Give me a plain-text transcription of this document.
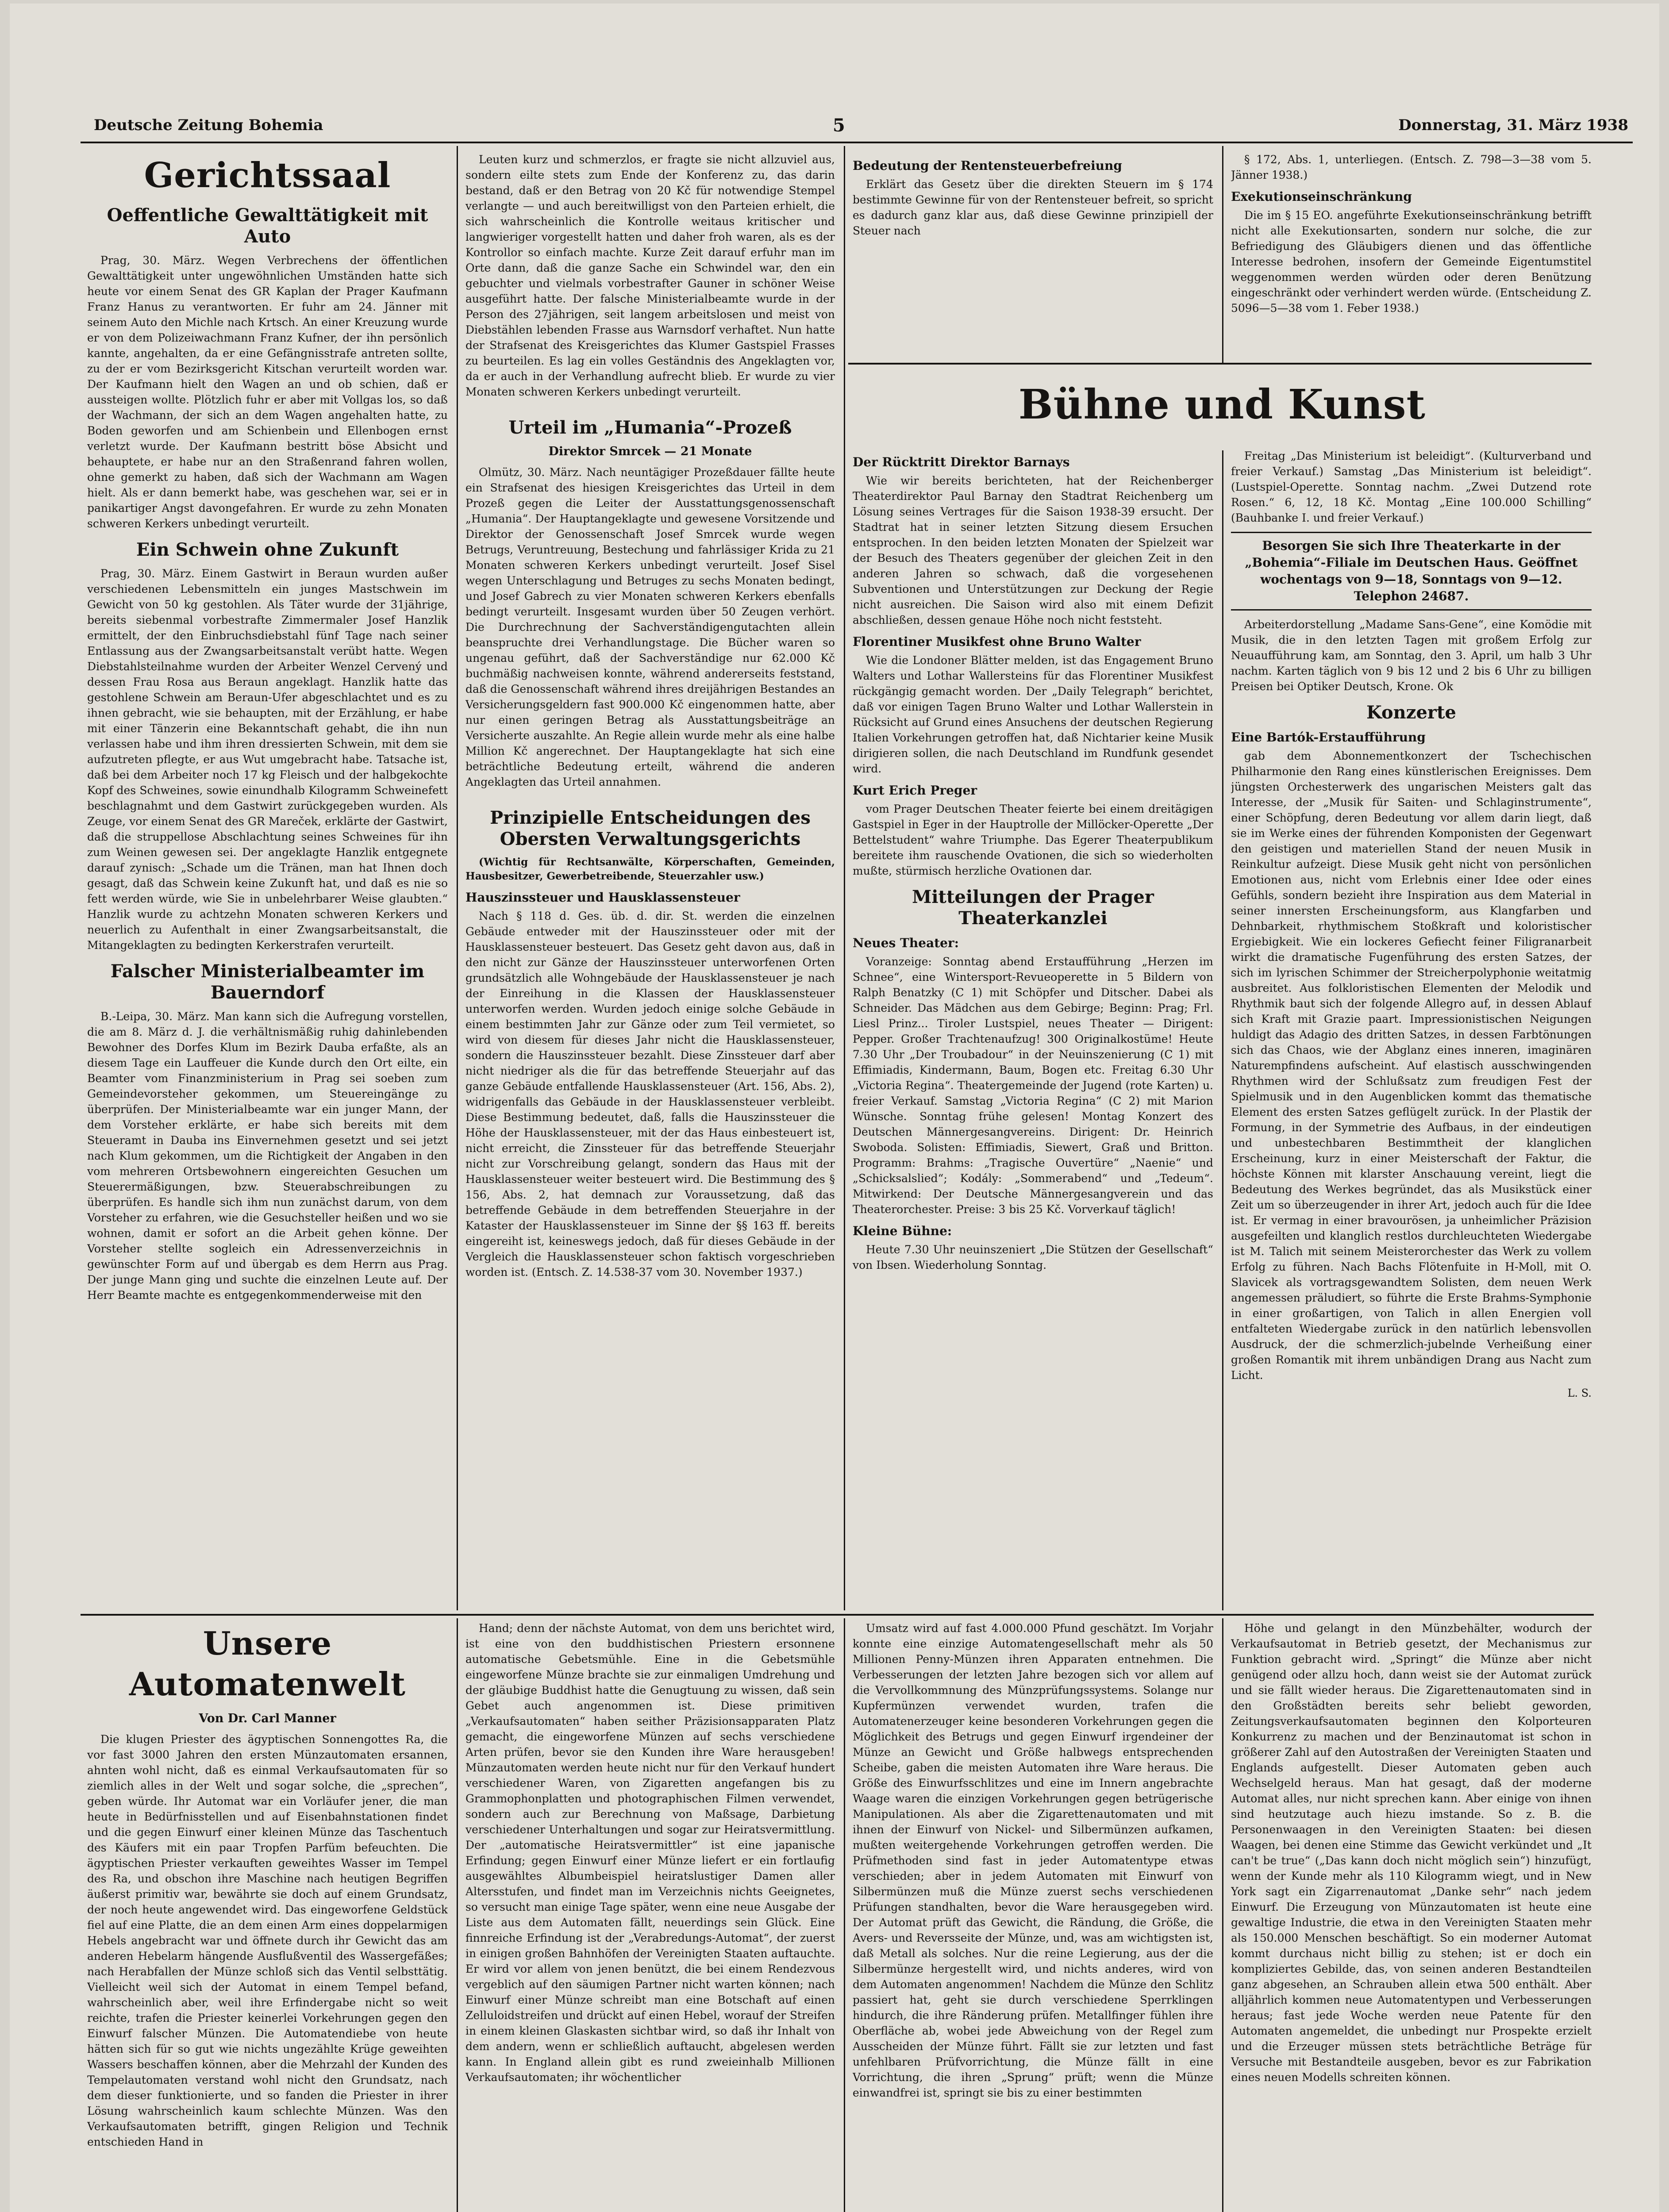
Deutsche Zeitung Bohemia	5	Donnerstag, 31. März 1938
Gerichtssaal
Oeffentliche Gewalttätigkeit mit Auto

Prag, 30. März. Wegen Verbrechens der öffentlichen Gewalttätigkeit unter ungewöhnlichen Umständen hatte sich heute vor einem Senat des GR Kaplan der Prager Kaufmann Franz Hanus zu verantworten. Er fuhr am 24. Jänner mit seinem Auto den Michle nach Krtsch. An einer Kreuzung wurde er von dem Polizeiwachmann Franz Kufner, der ihn persönlich kannte, angehalten, da er eine Gefängnisstrafe antreten sollte, zu der er vom Bezirksgericht Kitschan verurteilt worden war. Der Kaufmann hielt den Wagen an und ob schien, daß er aussteigen wollte. Plötzlich fuhr er aber mit Vollgas los, so daß der Wachmann, der sich an dem Wagen angehalten hatte, zu Boden geworfen und am Schienbein und Ellenbogen ernst verletzt wurde. Der Kaufmann bestritt böse Absicht und behauptete, er habe nur an den Straßenrand fahren wollen, ohne gemerkt zu haben, daß sich der Wachmann am Wagen hielt. Als er dann bemerkt habe, was geschehen war, sei er in panikartiger Angst davongefahren. Er wurde zu zehn Monaten schweren Kerkers unbedingt verurteilt.

Ein Schwein ohne Zukunft

Prag, 30. März. Einem Gastwirt in Beraun wurden außer verschiedenen Lebensmitteln ein junges Mastschwein im Gewicht von 50 kg gestohlen. Als Täter wurde der 31jährige, bereits siebenmal vorbestrafte Zimmermaler Josef Hanzlik ermittelt, der den Einbruchsdiebstahl fünf Tage nach seiner Entlassung aus der Zwangsarbeitsanstalt verübt hatte. Wegen Diebstahlsteilnahme wurden der Arbeiter Wenzel Cervený und dessen Frau Rosa aus Beraun angeklagt. Hanzlik hatte das gestohlene Schwein am Beraun-Ufer abgeschlachtet und es zu ihnen gebracht, wie sie behaupten, mit der Erzählung, er habe mit einer Tänzerin eine Bekanntschaft gehabt, die ihn nun verlassen habe und ihm ihren dressierten Schwein, mit dem sie aufzutreten pflegte, er aus Wut umgebracht habe. Tatsache ist, daß bei dem Arbeiter noch 17 kg Fleisch und der halbgekochte Kopf des Schweines, sowie einundhalb Kilogramm Schweinefett beschlagnahmt und dem Gastwirt zurückgegeben wurden. Als Zeuge, vor einem Senat des GR Mareček, erklärte der Gastwirt, daß die struppellose Abschlachtung seines Schweines für ihn zum Weinen gewesen sei. Der angeklagte Hanzlik entgegnete darauf zynisch: „Schade um die Tränen, man hat Ihnen doch gesagt, daß das Schwein keine Zukunft hat, und daß es nie so fett werden würde, wie Sie in unbelehrbarer Weise glaubten.“ Hanzlik wurde zu achtzehn Monaten schweren Kerkers und neuerlich zu Aufenthalt in einer Zwangsarbeitsanstalt, die Mitangeklagten zu bedingten Kerkerstrafen verurteilt.

Falscher Ministerialbeamter im Bauerndorf

B.-Leipa, 30. März. Man kann sich die Aufregung vorstellen, die am 8. März d. J. die verhältnismäßig ruhig dahinlebenden Bewohner des Dorfes Klum im Bezirk Dauba erfaßte, als an diesem Tage ein Lauffeuer die Kunde durch den Ort eilte, ein Beamter vom Finanzministerium in Prag sei soeben zum Gemeindevorsteher gekommen, um Steuereingänge zu überprüfen. Der Ministerialbeamte war ein junger Mann, der dem Vorsteher erklärte, er habe sich bereits mit dem Steueramt in Dauba ins Einvernehmen gesetzt und sei jetzt nach Klum gekommen, um die Richtigkeit der Angaben in den vom mehreren Ortsbewohnern eingereichten Gesuchen um Steuerermäßigungen, bzw. Steuerabschreibungen zu überprüfen. Es handle sich ihm nun zunächst darum, von dem Vorsteher zu erfahren, wie die Gesuchsteller heißen und wo sie wohnen, damit er sofort an die Arbeit gehen könne. Der Vorsteher stellte sogleich ein Adressenverzeichnis in gewünschter Form auf und übergab es dem Herrn aus Prag. Der junge Mann ging und suchte die einzelnen Leute auf. Der Herr Beamte machte es entgegenkommenderweise mit den

Leuten kurz und schmerzlos, er fragte sie nicht allzuviel aus, sondern eilte stets zum Ende der Konferenz zu, das darin bestand, daß er den Betrag von 20 Kč für notwendige Stempel verlangte — und auch bereitwilligst von den Parteien erhielt, die sich wahrscheinlich die Kontrolle weitaus kritischer und langwieriger vorgestellt hatten und daher froh waren, als es der Kontrollor so einfach machte. Kurze Zeit darauf erfuhr man im Orte dann, daß die ganze Sache ein Schwindel war, den ein gebuchter und vielmals vorbestrafter Gauner in schöner Weise ausgeführt hatte. Der falsche Ministerialbeamte wurde in der Person des 27jährigen, seit langem arbeitslosen und meist von Diebstählen lebenden Frasse aus Warnsdorf verhaftet. Nun hatte der Strafsenat des Kreisgerichtes das Klumer Gastspiel Frasses zu beurteilen. Es lag ein volles Geständnis des Angeklagten vor, da er auch in der Verhandlung aufrecht blieb. Er wurde zu vier Monaten schweren Kerkers unbedingt verurteilt.

Urteil im „Humania“-Prozeß
Direktor Smrcek — 21 Monate

Olmütz, 30. März. Nach neuntägiger Prozeßdauer fällte heute ein Strafsenat des hiesigen Kreisgerichtes das Urteil in dem Prozeß gegen die Leiter der Ausstattungsgenossenschaft „Humania“. Der Hauptangeklagte und gewesene Vorsitzende und Direktor der Genossenschaft Josef Smrcek wurde wegen Betrugs, Veruntreuung, Bestechung und fahrlässiger Krida zu 21 Monaten schweren Kerkers unbedingt verurteilt. Josef Sisel wegen Unterschlagung und Betruges zu sechs Monaten bedingt, und Josef Gabrech zu vier Monaten schweren Kerkers ebenfalls bedingt verurteilt. Insgesamt wurden über 50 Zeugen verhört. Die Durchrechnung der Sachverständigengutachten allein beanspruchte drei Verhandlungstage. Die Bücher waren so ungenau geführt, daß der Sachverständige nur 62.000 Kč buchmäßig nachweisen konnte, während andererseits feststand, daß die Genossenschaft während ihres dreijährigen Bestandes an Versicherungsgeldern fast 900.000 Kč eingenommen hatte, aber nur einen geringen Betrag als Ausstattungsbeiträge an Versicherte auszahlte. An Regie allein wurde mehr als eine halbe Million Kč angerechnet. Der Hauptangeklagte hat sich eine beträchtliche Bedeutung erteilt, während die anderen Angeklagten das Urteil annahmen.

Prinzipielle Entscheidungen des Obersten Verwaltungsgerichts

(Wichtig für Rechtsanwälte, Körperschaften, Gemeinden, Hausbesitzer, Gewerbetreibende, Steuerzahler usw.)

Hauszinssteuer und Hausklassensteuer

Nach § 118 d. Ges. üb. d. dir. St. werden die einzelnen Gebäude entweder mit der Hauszinssteuer oder mit der Hausklassensteuer besteuert. Das Gesetz geht davon aus, daß in den nicht zur Gänze der Hauszinssteuer unterworfenen Orten grundsätzlich alle Wohngebäude der Hausklassensteuer je nach der Einreihung in die Klassen der Hausklassensteuer unterworfen werden. Wurden jedoch einige solche Gebäude in einem bestimmten Jahr zur Gänze oder zum Teil vermietet, so wird von diesem für dieses Jahr nicht die Hausklassensteuer, sondern die Hauszinssteuer bezahlt. Diese Zinssteuer darf aber nicht niedriger als die für das betreffende Steuerjahr auf das ganze Gebäude entfallende Hausklassensteuer (Art. 156, Abs. 2), widrigenfalls das Gebäude in der Hausklassensteuer verbleibt. Diese Bestimmung bedeutet, daß, falls die Hauszinssteuer die Höhe der Hausklassensteuer, mit der das Haus einbesteuert ist, nicht erreicht, die Zinssteuer für das betreffende Steuerjahr nicht zur Vorschreibung gelangt, sondern das Haus mit der Hausklassensteuer weiter besteuert wird. Die Bestimmung des § 156, Abs. 2, hat demnach zur Voraussetzung, daß das betreffende Gebäude in dem betreffenden Steuerjahre in der Kataster der Hausklassensteuer im Sinne der §§ 163 ff. bereits eingereiht ist, keineswegs jedoch, daß für dieses Gebäude in der Vergleich die Hausklassensteuer schon faktisch vorgeschrieben worden ist. (Entsch. Z. 14.538-37 vom 30. November 1937.)

Bedeutung der Rentensteuerbefreiung

Erklärt das Gesetz über die direkten Steuern im § 174 bestimmte Gewinne für von der Rentensteuer befreit, so spricht es dadurch ganz klar aus, daß diese Gewinne prinzipiell der Steuer nach

§ 172, Abs. 1, unterliegen. (Entsch. Z. 798—3—38 vom 5. Jänner 1938.)

Exekutionseinschränkung

Die im § 15 EO. angeführte Exekutionseinschränkung betrifft nicht alle Exekutionsarten, sondern nur solche, die zur Befriedigung des Gläubigers dienen und das öffentliche Interesse bedrohen, insofern der Gemeinde Eigentumstitel weggenommen werden würden oder deren Benützung eingeschränkt oder verhindert werden würde. (Entscheidung Z. 5096—5—38 vom 1. Feber 1938.)

Bühne und Kunst
Der Rücktritt Direktor Barnays

Wie wir bereits berichteten, hat der Reichenberger Theaterdirektor Paul Barnay den Stadtrat Reichenberg um Lösung seines Vertrages für die Saison 1938-39 ersucht. Der Stadtrat hat in seiner letzten Sitzung diesem Ersuchen entsprochen. In den beiden letzten Monaten der Spielzeit war der Besuch des Theaters gegenüber der gleichen Zeit in den anderen Jahren so schwach, daß die vorgesehenen Subventionen und Unterstützungen zur Deckung der Regie nicht ausreichen. Die Saison wird also mit einem Defizit abschließen, dessen genaue Höhe noch nicht feststeht.

Florentiner Musikfest ohne Bruno Walter

Wie die Londoner Blätter melden, ist das Engagement Bruno Walters und Lothar Wallersteins für das Florentiner Musikfest rückgängig gemacht worden. Der „Daily Telegraph“ berichtet, daß vor einigen Tagen Bruno Walter und Lothar Wallerstein in Rücksicht auf Grund eines Ansuchens der deutschen Regierung Italien Vorkehrungen getroffen hat, daß Nichtarier keine Musik dirigieren sollen, die nach Deutschland im Rundfunk gesendet wird.

Kurt Erich Preger

vom Prager Deutschen Theater feierte bei einem dreitägigen Gastspiel in Eger in der Hauptrolle der Millöcker-Operette „Der Bettelstudent“ wahre Triumphe. Das Egerer Theaterpublikum bereitete ihm rauschende Ovationen, die sich so wiederholten mußte, stürmisch herzliche Ovationen dar.

Mitteilungen der Prager Theaterkanzlei
Neues Theater:

Voranzeige: Sonntag abend Erstaufführung „Herzen im Schnee“, eine Wintersport-Revueoperette in 5 Bildern von Ralph Benatzky (C 1) mit Schöpfer und Ditscher. Dabei als Schneider. Das Mädchen aus dem Gebirge; Beginn: Prag; Frl. Liesl Prinz... Tiroler Lustspiel, neues Theater — Dirigent: Pepper. Großer Trachtenaufzug! 300 Originalkostüme! Heute 7.30 Uhr „Der Troubadour“ in der Neuinszenierung (C 1) mit Effimiadis, Kindermann, Baum, Bogen etc. Freitag 6.30 Uhr „Victoria Regina“. Theatergemeinde der Jugend (rote Karten) u. freier Verkauf. Samstag „Victoria Regina“ (C 2) mit Marion Wünsche. Sonntag frühe gelesen! Montag Konzert des Deutschen Männergesangvereins. Dirigent: Dr. Heinrich Swoboda. Solisten: Effimiadis, Siewert, Graß und Britton. Programm: Brahms: „Tragische Ouvertüre“ „Naenie“ und „Schicksalslied“; Kodály: „Sommerabend“ und „Tedeum“. Mitwirkend: Der Deutsche Männergesangverein und das Theaterorchester. Preise: 3 bis 25 Kč. Vorverkauf täglich!

Kleine Bühne:

Heute 7.30 Uhr neuinszeniert „Die Stützen der Gesellschaft“ von Ibsen. Wiederholung Sonntag.

Freitag „Das Ministerium ist beleidigt“. (Kulturverband und freier Verkauf.) Samstag „Das Ministerium ist beleidigt“. (Lustspiel-Operette. Sonntag nachm. „Zwei Dutzend rote Rosen.“ 6, 12, 18 Kč. Montag „Eine 100.000 Schilling“ (Bauhbanke I. und freier Verkauf.)

Besorgen Sie sich Ihre Theaterkarte in der „Bohemia“-Filiale im Deutschen Haus. Geöffnet wochentags von 9—18, Sonntags von 9—12. Telephon 24687.

Arbeiterdorstellung „Madame Sans-Gene“, eine Komödie mit Musik, die in den letzten Tagen mit großem Erfolg zur Neuaufführung kam, am Sonntag, den 3. April, um halb 3 Uhr nachm. Karten täglich von 9 bis 12 und 2 bis 6 Uhr zu billigen Preisen bei Optiker Deutsch, Krone. Ok

Konzerte
Eine Bartók-Erstaufführung

gab dem Abonnementkonzert der Tschechischen Philharmonie den Rang eines künstlerischen Ereignisses. Dem jüngsten Orchesterwerk des ungarischen Meisters galt das Interesse, der „Musik für Saiten- und Schlaginstrumente“, einer Schöpfung, deren Bedeutung vor allem darin liegt, daß sie im Werke eines der führenden Komponisten der Gegenwart den geistigen und materiellen Stand der neuen Musik in Reinkultur aufzeigt. Diese Musik geht nicht von persönlichen Emotionen aus, nicht vom Erlebnis einer Idee oder eines Gefühls, sondern bezieht ihre Inspiration aus dem Material in seiner innersten Erscheinungsform, aus Klangfarben und Dehnbarkeit, rhythmischem Stoßkraft und koloristischer Ergiebigkeit. Wie ein lockeres Gefiecht feiner Filigranarbeit wirkt die dramatische Fugenführung des ersten Satzes, der sich im lyrischen Schimmer der Streicherpolyphonie weitatmig ausbreitet. Aus folkloristischen Elementen der Melodik und Rhythmik baut sich der folgende Allegro auf, in dessen Ablauf sich Kraft mit Grazie paart. Impressionistischen Neigungen huldigt das Adagio des dritten Satzes, in dessen Farbtönungen sich das Chaos, wie der Abglanz eines inneren, imaginären Naturempfindens aufscheint. Auf elastisch ausschwingenden Rhythmen wird der Schlußsatz zum freudigen Fest der Spielmusik und in den Augenblicken kommt das thematische Element des ersten Satzes geflügelt zurück. In der Plastik der Formung, in der Symmetrie des Aufbaus, in der eindeutigen und unbestechbaren Bestimmtheit der klanglichen Erscheinung, kurz in einer Meisterschaft der Faktur, die höchste Können mit klarster Anschauung vereint, liegt die Bedeutung des Werkes begründet, das als Musikstück einer Zeit um so überzeugender in ihrer Art, jedoch auch für die Idee ist. Er vermag in einer bravourösen, ja unheimlicher Präzision ausgefeilten und klanglich restlos durchleuchteten Wiedergabe ist M. Talich mit seinem Meisterorchester das Werk zu vollem Erfolg zu führen. Nach Bachs Flötenfuite in H-Moll, mit O. Slavicek als vortragsgewandtem Solisten, dem neuen Werk angemessen präludiert, so führte die Erste Brahms-Symphonie in einer großartigen, von Talich in allen Energien voll entfalteten Wiedergabe zurück in den natürlich lebensvollen Ausdruck, der die schmerzlich-jubelnde Verheißung einer großen Romantik mit ihrem unbändigen Drang aus Nacht zum Licht.

L. S.
Unsere Automatenwelt
Von Dr. Carl Manner

Die klugen Priester des ägyptischen Sonnengottes Ra, die vor fast 3000 Jahren den ersten Münzautomaten ersannen, ahnten wohl nicht, daß es einmal Verkaufsautomaten für so ziemlich alles in der Welt und sogar solche, die „sprechen“, geben würde. Ihr Automat war ein Vorläufer jener, die man heute in Bedürfnisstellen und auf Eisenbahnstationen findet und die gegen Einwurf einer kleinen Münze das Taschentuch des Käufers mit ein paar Tropfen Parfüm befeuchten. Die ägyptischen Priester verkauften geweihtes Wasser im Tempel des Ra, und obschon ihre Maschine nach heutigen Begriffen äußerst primitiv war, bewährte sie doch auf einem Grundsatz, der noch heute angewendet wird. Das eingeworfene Geldstück fiel auf eine Platte, die an dem einen Arm eines doppelarmigen Hebels angebracht war und öffnete durch ihr Gewicht das am anderen Hebelarm hängende Ausflußventil des Wassergefäßes; nach Herabfallen der Münze schloß sich das Ventil selbsttätig. Vielleicht weil sich der Automat in einem Tempel befand, wahrscheinlich aber, weil ihre Erfindergabe nicht so weit reichte, trafen die Priester keinerlei Vorkehrungen gegen den Einwurf falscher Münzen. Die Automatendiebe von heute hätten sich für so gut wie nichts ungezählte Krüge geweihten Wassers beschaffen können, aber die Mehrzahl der Kunden des Tempelautomaten verstand wohl nicht den Grundsatz, nach dem dieser funktionierte, und so fanden die Priester in ihrer Lösung wahrscheinlich kaum schlechte Münzen. Was den Verkaufsautomaten betrifft, gingen Religion und Technik entschieden Hand in

Hand; denn der nächste Automat, von dem uns berichtet wird, ist eine von den buddhistischen Priestern ersonnene automatische Gebetsmühle. Eine in die Gebetsmühle eingeworfene Münze brachte sie zur einmaligen Umdrehung und der gläubige Buddhist hatte die Genugtuung zu wissen, daß sein Gebet auch angenommen ist. Diese primitiven „Verkaufsautomaten“ haben seither Präzisionsapparaten Platz gemacht, die eingeworfene Münzen auf sechs verschiedene Arten prüfen, bevor sie den Kunden ihre Ware herausgeben! Münzautomaten werden heute nicht nur für den Verkauf hundert verschiedener Waren, von Zigaretten angefangen bis zu Grammophonplatten und photographischen Filmen verwendet, sondern auch zur Berechnung von Maßsage, Darbietung verschiedener Unterhaltungen und sogar zur Heiratsvermittlung. Der „automatische Heiratsvermittler“ ist eine japanische Erfindung; gegen Einwurf einer Münze liefert er ein fortlaufig ausgewähltes Albumbeispiel heiratslustiger Damen aller Altersstufen, und findet man im Verzeichnis nichts Geeignetes, so versucht man einige Tage später, wenn eine neue Ausgabe der Liste aus dem Automaten fällt, neuerdings sein Glück. Eine finnreiche Erfindung ist der „Verabredungs-Automat“, der zuerst in einigen großen Bahnhöfen der Vereinigten Staaten auftauchte. Er wird vor allem von jenen benützt, die bei einem Rendezvous vergeblich auf den säumigen Partner nicht warten können; nach Einwurf einer Münze schreibt man eine Botschaft auf einen Zelluloidstreifen und drückt auf einen Hebel, worauf der Streifen in einem kleinen Glaskasten sichtbar wird, so daß ihr Inhalt von dem andern, wenn er schließlich auftaucht, abgelesen werden kann. In England allein gibt es rund zweieinhalb Millionen Verkaufsautomaten; ihr wöchentlicher

Umsatz wird auf fast 4.000.000 Pfund geschätzt. Im Vorjahr konnte eine einzige Automatengesellschaft mehr als 50 Millionen Penny-Münzen ihren Apparaten entnehmen. Die Verbesserungen der letzten Jahre bezogen sich vor allem auf die Vervollkommnung des Münzprüfungssystems. Solange nur Kupfermünzen verwendet wurden, trafen die Automatenerzeuger keine besonderen Vorkehrungen gegen die Möglichkeit des Betrugs und gegen Einwurf irgendeiner der Münze an Gewicht und Größe halbwegs entsprechenden Scheibe, gaben die meisten Automaten ihre Ware heraus. Die Größe des Einwurfsschlitzes und eine im Innern angebrachte Waage waren die einzigen Vorkehrungen gegen betrügerische Manipulationen. Als aber die Zigarettenautomaten und mit ihnen der Einwurf von Nickel- und Silbermünzen aufkamen, mußten weitergehende Vorkehrungen getroffen werden. Die Prüfmethoden sind fast in jeder Automatentype etwas verschieden; aber in jedem Automaten mit Einwurf von Silbermünzen muß die Münze zuerst sechs verschiedenen Prüfungen standhalten, bevor die Ware herausgegeben wird. Der Automat prüft das Gewicht, die Rändung, die Größe, die Avers- und Reversseite der Münze, und, was am wichtigsten ist, daß Metall als solches. Nur die reine Legierung, aus der die Silbermünze hergestellt wird, und nichts anderes, wird von dem Automaten angenommen! Nachdem die Münze den Schlitz passiert hat, geht sie durch verschiedene Sperrklingen hindurch, die ihre Ränderung prüfen. Metallfinger fühlen ihre Oberfläche ab, wobei jede Abweichung von der Regel zum Ausscheiden der Münze führt. Fällt sie zur letzten und fast unfehlbaren Prüfvorrichtung, die Münze fällt in eine Vorrichtung, die ihren „Sprung“ prüft; wenn die Münze einwandfrei ist, springt sie bis zu einer bestimmten

Höhe und gelangt in den Münzbehälter, wodurch der Verkaufsautomat in Betrieb gesetzt, der Mechanismus zur Funktion gebracht wird. „Springt“ die Münze aber nicht genügend oder allzu hoch, dann weist sie der Automat zurück und sie fällt wieder heraus. Die Zigarettenautomaten sind in den Großstädten bereits sehr beliebt geworden, Zeitungsverkaufsautomaten beginnen den Kolporteuren Konkurrenz zu machen und der Benzinautomat ist schon in größerer Zahl auf den Autostraßen der Vereinigten Staaten und Englands aufgestellt. Dieser Automaten geben auch Wechselgeld heraus. Man hat gesagt, daß der moderne Automat alles, nur nicht sprechen kann. Aber einige von ihnen sind heutzutage auch hiezu imstande. So z. B. die Personenwaagen in den Vereinigten Staaten: bei diesen Waagen, bei denen eine Stimme das Gewicht verkündet und „It can't be true“ („Das kann doch nicht möglich sein“) hinzufügt, wenn der Kunde mehr als 110 Kilogramm wiegt, und in New York sagt ein Zigarrenautomat „Danke sehr“ nach jedem Einwurf. Die Erzeugung von Münzautomaten ist heute eine gewaltige Industrie, die etwa in den Vereinigten Staaten mehr als 150.000 Menschen beschäftigt. So ein moderner Automat kommt durchaus nicht billig zu stehen; ist er doch ein kompliziertes Gebilde, das, von seinen anderen Bestandteilen ganz abgesehen, an Schrauben allein etwa 500 enthält. Aber alljährlich kommen neue Automatentypen und Verbesserungen heraus; fast jede Woche werden neue Patente für den Automaten angemeldet, die unbedingt nur Prospekte erzielt und die Erzeuger müssen stets beträchtliche Beträge für Versuche mit Bestandteile ausgeben, bevor es zur Fabrikation eines neuen Modells schreiten können.
